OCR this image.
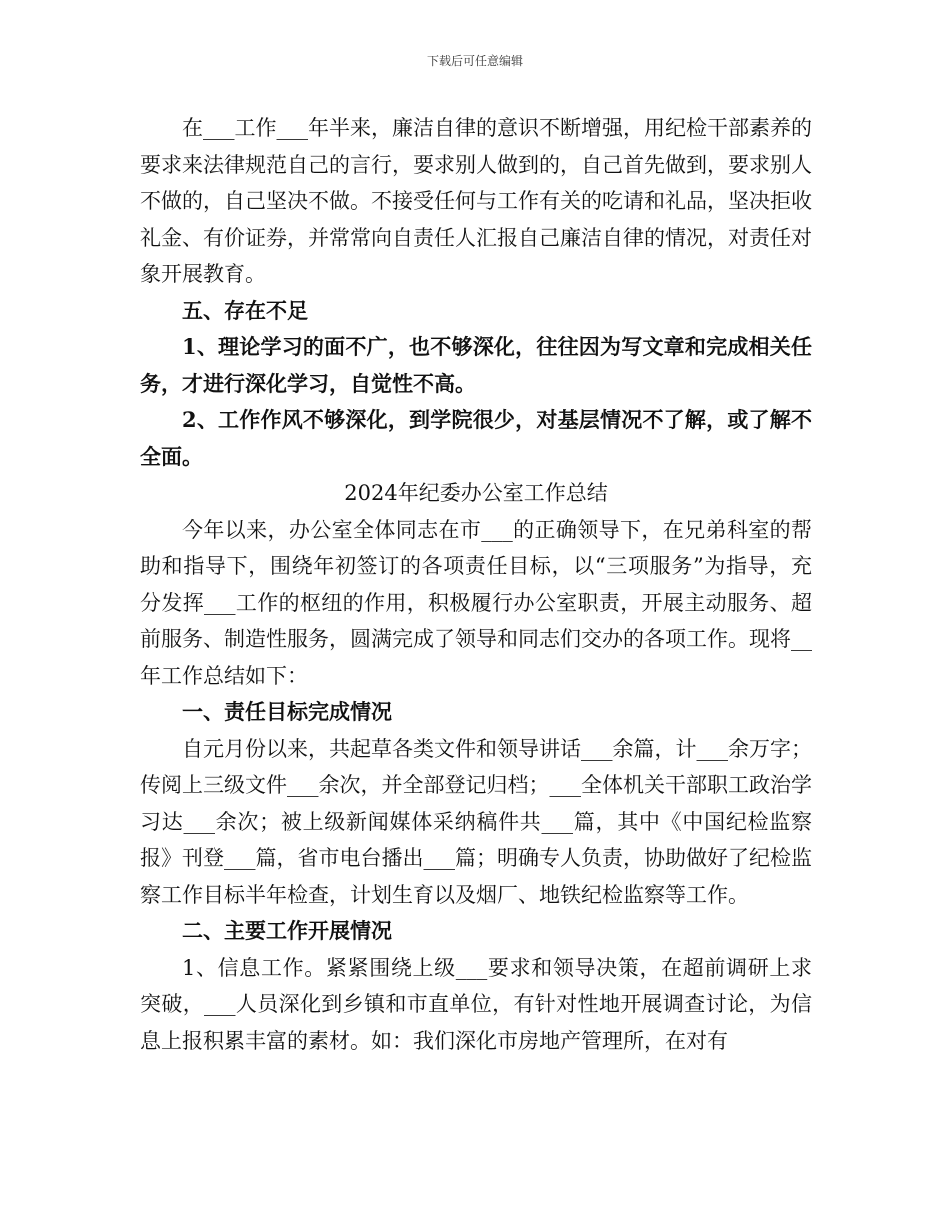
下载后可任意编辑

在___工作___年半来，廉洁自律的意识不断增强，用纪检干部素养的要求来法律规范自己的言行，要求别人做到的，自己首先做到，要求别人不做的，自己坚决不做。不接受任何与工作有关的吃请和礼品，坚决拒收礼金、有价证券，并常常向自责任人汇报自己廉洁自律的情况，对责任对象开展教育。

五、存在不足

1、理论学习的面不广，也不够深化，往往因为写文章和完成相关任务，才进行深化学习，自觉性不高。

2、工作作风不够深化，到学院很少，对基层情况不了解，或了解不全面。

2024年纪委办公室工作总结

今年以来，办公室全体同志在市___的正确领导下，在兄弟科室的帮助和指导下，围绕年初签订的各项责任目标，以“三项服务”为指导，充分发挥___工作的枢纽的作用，积极履行办公室职责，开展主动服务、超前服务、制造性服务，圆满完成了领导和同志们交办的各项工作。现将__年工作总结如下：

一、责任目标完成情况

自元月份以来，共起草各类文件和领导讲话___余篇，计___余万字；传阅上三级文件___余次，并全部登记归档；___全体机关干部职工政治学习达___余次；被上级新闻媒体采纳稿件共___篇，其中《中国纪检监察报》刊登___篇，省市电台播出___篇；明确专人负责，协助做好了纪检监察工作目标半年检查，计划生育以及烟厂、地铁纪检监察等工作。

二、主要工作开展情况

1、信息工作。紧紧围绕上级___要求和领导决策，在超前调研上求突破，___人员深化到乡镇和市直单位，有针对性地开展调查讨论，为信息上报积累丰富的素材。如：我们深化市房地产管理所，在对有
